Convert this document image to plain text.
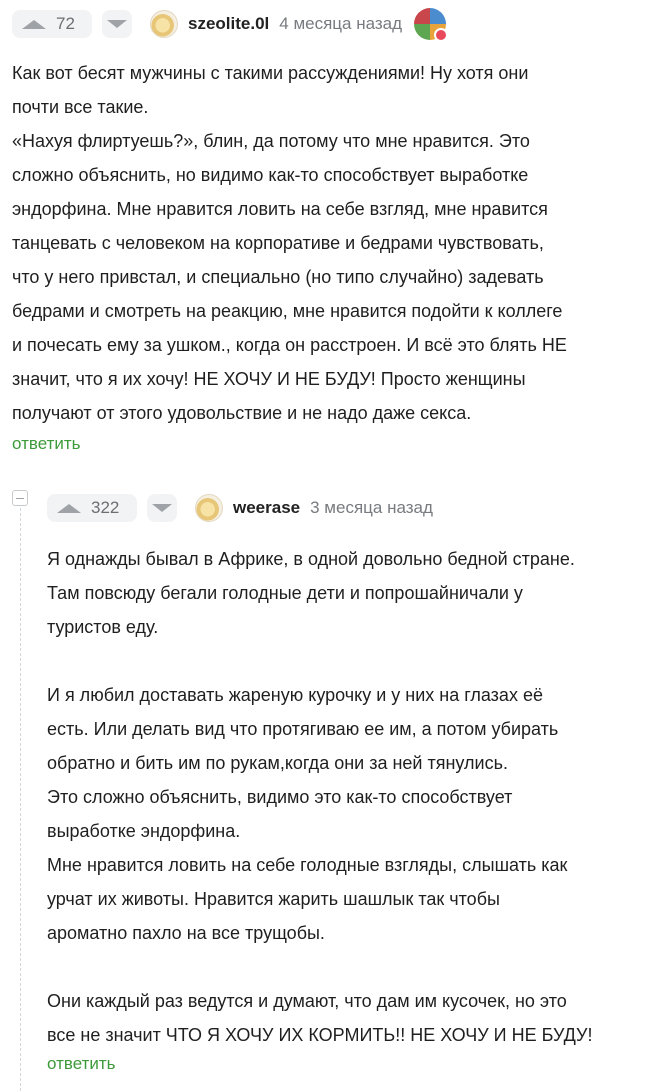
72	szeolite.0l 4 месяца назад

Как вот бесят мужчины с такими рассуждениями! Ну хотя они

почти все такие.

«Нахуя флиртуешь?», блин, да потому что мне нравится. Это

сложно объяснить, но видимо как-то способствует выработке

эндорфина. Мне нравится ловить на себе взгляд, мне нравится

танцевать с человеком на корпоративе и бедрами чувствовать,

что у него привстал, и специально (но типо случайно) задевать

бедрами и смотреть на реакцию, мне нравится подойти к коллеге

и почесать ему за ушком., когда он расстроен. И всё это блять НЕ

значит, что я их хочу! НЕ ХОЧУ И НЕ БУДУ! Просто женщины

получают от этого удовольствие и не надо даже секса.

ответить
322	weerase 3 месяца назад

Я однажды бывал в Африке, в одной довольно бедной стране.

Там повсюду бегали голодные дети и попрошайничали у

туристов еду.

И я любил доставать жареную курочку и у них на глазах её

есть. Или делать вид что протягиваю ее им, а потом убирать

обратно и бить им по рукам,когда они за ней тянулись.

Это сложно объяснить, видимо это как-то способствует

выработке эндорфина.

Мне нравится ловить на себе голодные взгляды, слышать как

урчат их животы. Нравится жарить шашлык так чтобы

ароматно пахло на все трущобы.

Они каждый раз ведутся и думают, что дам им кусочек, но это

все не значит ЧТО Я ХОЧУ ИХ КОРМИТЬ!! НЕ ХОЧУ И НЕ БУДУ!

ответить
